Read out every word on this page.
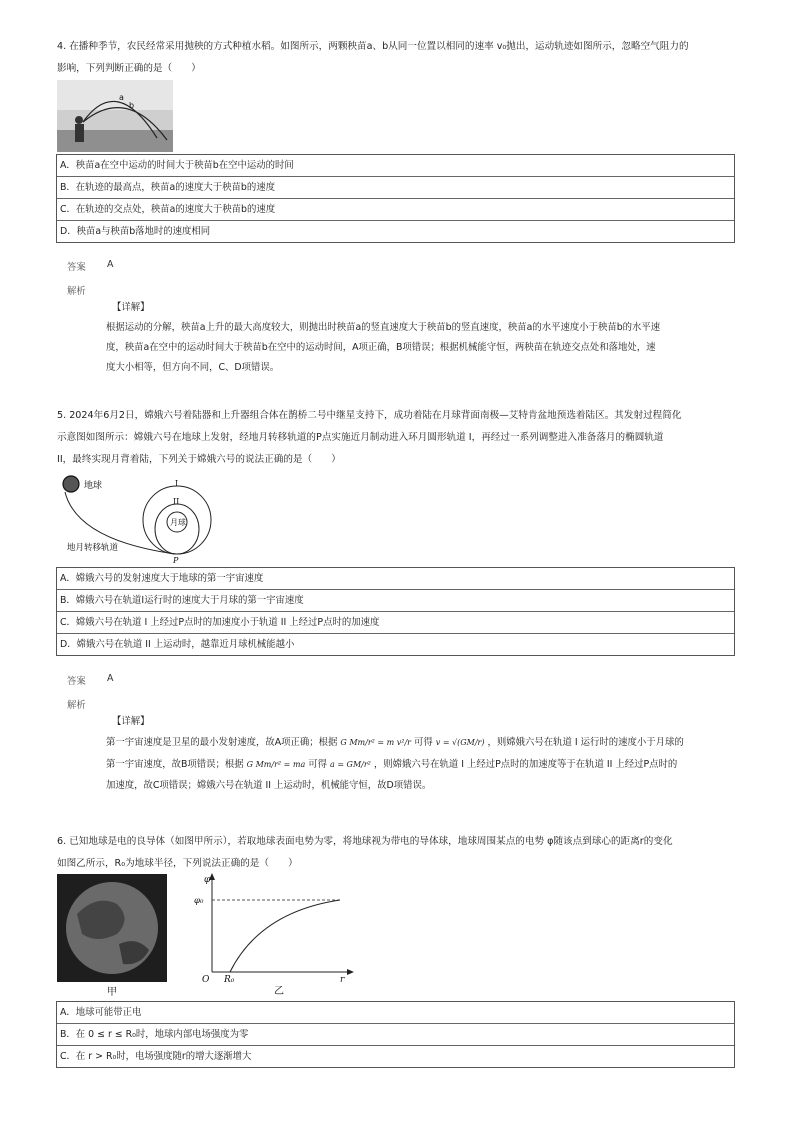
4. 在播种季节，农民经常采用抛秧的方式种植水稻。如图所示，两颗秧苗a、b从同一位置以相同的速率 v₀抛出，运动轨迹如图所示，忽略空气阻力的

影响，下列判断正确的是（　　）

a
b
A．秧苗a在空中运动的时间大于秧苗b在空中运动的时间
B．在轨迹的最高点，秧苗a的速度大于秧苗b的速度
C．在轨迹的交点处，秧苗a的速度大于秧苗b的速度
D．秧苗a与秧苗b落地时的速度相同
答案 A
解析

【详解】

根据运动的分解，秧苗a上升的最大高度较大，则抛出时秧苗a的竖直速度大于秧苗b的竖直速度，秧苗a的水平速度小于秧苗b的水平速

度，秧苗a在空中的运动时间大于秧苗b在空中的运动时间，A项正确，B项错误；根据机械能守恒，两秧苗在轨迹交点处和落地处，速

度大小相等，但方向不同，C、D项错误。

5. 2024年6月2日，嫦娥六号着陆器和上升器组合体在鹊桥二号中继星支持下，成功着陆在月球背面南极—艾特肯盆地预选着陆区。其发射过程简化

示意图如图所示：嫦娥六号在地球上发射，经地月转移轨道的P点实施近月制动进入环月圆形轨道 I，再经过一系列调整进入准备落月的椭圆轨道

II，最终实现月背着陆，下列关于嫦娥六号的说法正确的是（　　）

地球
月球
I
II
地月转移轨道
P
A．嫦娥六号的发射速度大于地球的第一宇宙速度
B．嫦娥六号在轨道I运行时的速度大于月球的第一宇宙速度
C．嫦娥六号在轨道 I 上经过P点时的加速度小于轨道 II 上经过P点时的加速度
D．嫦娥六号在轨道 II 上运动时，越靠近月球机械能越小
答案 A
解析

【详解】

第一宇宙速度是卫星的最小发射速度，故A项正确；根据 G Mm/r² = m v²/r 可得 v = √(GM/r) ，则嫦娥六号在轨道 I 运行时的速度小于月球的

第一宇宙速度，故B项错误；根据 G Mm/r² = ma 可得 a = GM/r² ，则嫦娥六号在轨道 I 上经过P点时的加速度等于在轨道 II 上经过P点时的

加速度，故C项错误；嫦娥六号在轨道 II 上运动时，机械能守恒，故D项错误。

6. 已知地球是电的良导体（如图甲所示），若取地球表面电势为零，将地球视为带电的导体球，地球周围某点的电势 φ随该点到球心的距离r的变化

如图乙所示，R₀为地球半径，下列说法正确的是（　　）

甲
φ
φ₀
O R₀	r
乙
A．地球可能带正电
B．在 0 ≤ r ≤ R₀时，地球内部电场强度为零
C．在 r > R₀时，电场强度随r的增大逐渐增大
